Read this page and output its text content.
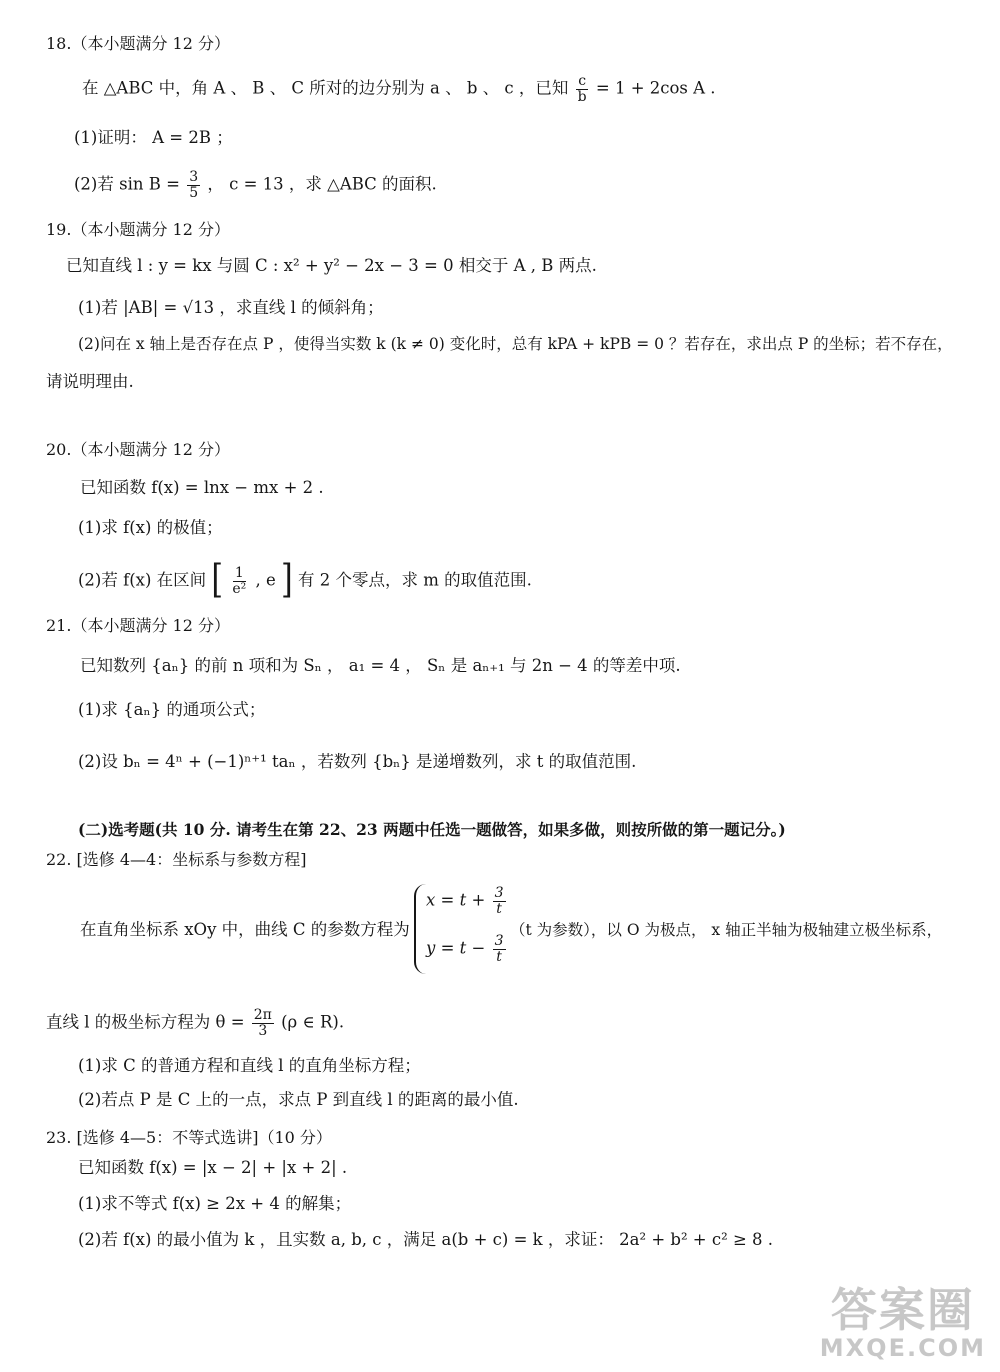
18.（本小题满分 12 分）
在 △ABC 中，角 A 、 B 、 C 所对的边分别为 a 、 b 、 c ，已知 $\frac{c}{b} = 1 + 2\cos$ A .
(1)证明： A = 2B ；
(2)若 $\sin B = \frac{3}{5}$ ， c = 13 ，求 △ABC 的面积.
19.（本小题满分 12 分）
已知直线 l : y = kx 与圆 C : x² + y² − 2x − 3 = 0 相交于 A , B 两点.
(1)若 |AB| = √13 ，求直线 l 的倾斜角；
(2)问在 x 轴上是否存在点 P ，使得当实数 k (k ≠ 0) 变化时，总有 kPA + kPB = 0 ？若存在，求出点 P 的坐标；若不存在，
请说明理由.
20.（本小题满分 12 分）
已知函数 f(x) = lnx − mx + 2 .
(1)求 f(x) 的极值；
(2)若 f(x) 在区间 [ $\frac{1}{\text{e²}}$ , e ] 有 2 个零点，求 m 的取值范围.
21.（本小题满分 12 分）
已知数列 {aₙ} 的前 n 项和为 Sₙ ， a₁ = 4 ， Sₙ 是 aₙ₊₁ 与 2n − 4 的等差中项.
(1)求 {aₙ} 的通项公式；
(2)设 bₙ = 4ⁿ + (−1)ⁿ⁺¹ taₙ ，若数列 {bₙ} 是递增数列，求 t 的取值范围.
(二)选考题(共 10 分. 请考生在第 22、23 两题中任选一题做答，如果多做，则按所做的第一题记分。)
22. [选修 4—4：坐标系与参数方程]
在直角坐标系 xOy 中，曲线 C 的参数方程为
$x = t + \frac{3}{t}$
$y = t - \frac{3}{t}$
（t 为参数），以 O 为极点， x 轴正半轴为极轴建立极坐标系，
直线 l 的极坐标方程为 $\theta = \frac{2\pi}{3} (\rho$ ∈ R).
(1)求 C 的普通方程和直线 l 的直角坐标方程；
(2)若点 P 是 C 上的一点，求点 P 到直线 l 的距离的最小值.
23. [选修 4—5：不等式选讲]（10 分）
已知函数 f(x) = |x − 2| + |x + 2| .
(1)求不等式 f(x) ≥ 2x + 4 的解集；
(2)若 f(x) 的最小值为 k ，且实数 a, b, c ，满足 a(b + c) = k ，求证： 2a² + b² + c² ≥ 8 .
答案圈
MXQE.COM
